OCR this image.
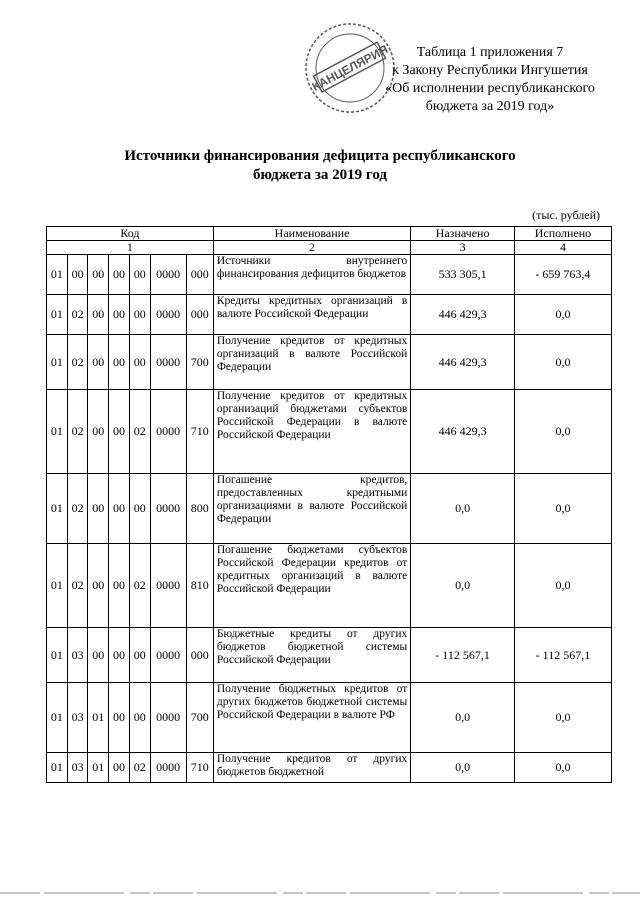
КАНЦЕЛЯРИЯ	Таблица 1 приложения 7
к Закону Республики Ингушетия
«Об исполнении республиканского
бюджета за 2019 год»
Источники финансирования дефицита республиканского
бюджета за 2019 год
(тыс. рублей)
Код							Наименование	Назначено	Исполнено
1							2	3	4
01	00	00	00	00	0000	000	Источники внутреннего финансирования дефицитов бюджетов	533 305,1	- 659 763,4
01	02	00	00	00	0000	000	Кредиты кредитных организаций в валюте Российской Федерации	446 429,3	0,0
01	02	00	00	00	0000	700	Получение кредитов от кредитных организаций в валюте Российской Федерации	446 429,3	0,0
01	02	00	00	02	0000	710	Получение кредитов от кредитных организаций бюджетами субъектов Российской Федерации в валюте Российской Федерации	446 429,3	0,0
01	02	00	00	00	0000	800	Погашение кредитов, предоставленных кредитными организациями в валюте Российской Федерации	0,0	0,0
01	02	00	00	02	0000	810	Погашение бюджетами субъектов Российской Федерации кредитов от кредитных организаций в валюте Российской Федерации	0,0	0,0
01	03	00	00	00	0000	000	Бюджетные кредиты от других бюджетов бюджетной системы Российской Федерации	- 112 567,1	- 112 567,1
01	03	01	00	00	0000	700	Получение бюджетных кредитов от других бюджетов бюджетной системы Российской Федерации в валюте РФ	0,0	0,0
01	03	01	00	02	0000	710	Получение кредитов от других бюджетов бюджетной	0,0	0,0
